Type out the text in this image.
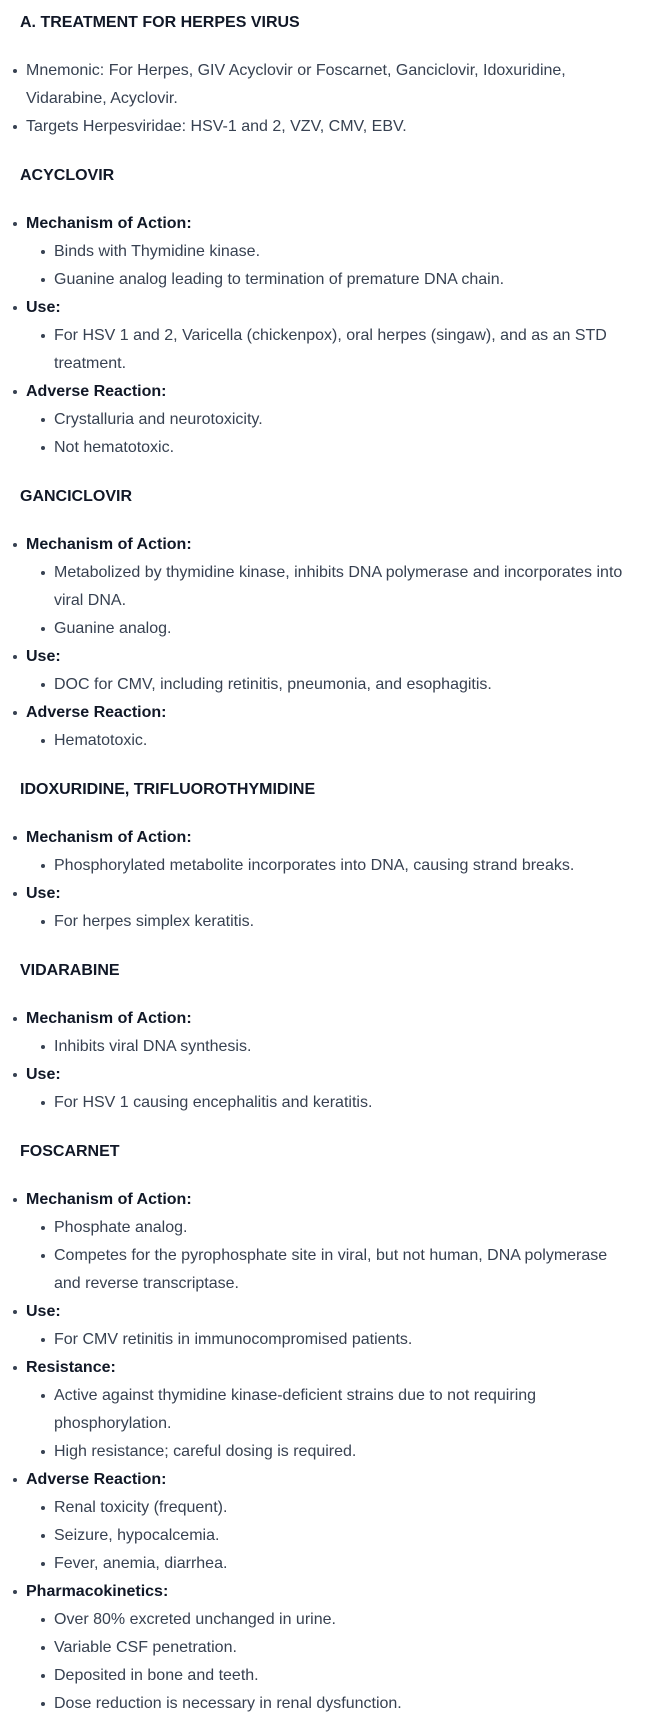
A. TREATMENT FOR HERPES VIRUS
Mnemonic: For Herpes, GIV Acyclovir or Foscarnet, Ganciclovir, Idoxuridine, Vidarabine, Acyclovir.
Targets Herpesviridae: HSV-1 and 2, VZV, CMV, EBV.
ACYCLOVIR
Mechanism of Action:
Binds with Thymidine kinase.
Guanine analog leading to termination of premature DNA chain.
Use:
For HSV 1 and 2, Varicella (chickenpox), oral herpes (singaw), and as an STD treatment.
Adverse Reaction:
Crystalluria and neurotoxicity.
Not hematotoxic.
GANCICLOVIR
Mechanism of Action:
Metabolized by thymidine kinase, inhibits DNA polymerase and incorporates into viral DNA.
Guanine analog.
Use:
DOC for CMV, including retinitis, pneumonia, and esophagitis.
Adverse Reaction:
Hematotoxic.
IDOXURIDINE, TRIFLUOROTHYMIDINE
Mechanism of Action:
Phosphorylated metabolite incorporates into DNA, causing strand breaks.
Use:
For herpes simplex keratitis.
VIDARABINE
Mechanism of Action:
Inhibits viral DNA synthesis.
Use:
For HSV 1 causing encephalitis and keratitis.
FOSCARNET
Mechanism of Action:
Phosphate analog.
Competes for the pyrophosphate site in viral, but not human, DNA polymerase and reverse transcriptase.
Use:
For CMV retinitis in immunocompromised patients.
Resistance:
Active against thymidine kinase-deficient strains due to not requiring phosphorylation.
High resistance; careful dosing is required.
Adverse Reaction:
Renal toxicity (frequent).
Seizure, hypocalcemia.
Fever, anemia, diarrhea.
Pharmacokinetics:
Over 80% excreted unchanged in urine.
Variable CSF penetration.
Deposited in bone and teeth.
Dose reduction is necessary in renal dysfunction.
